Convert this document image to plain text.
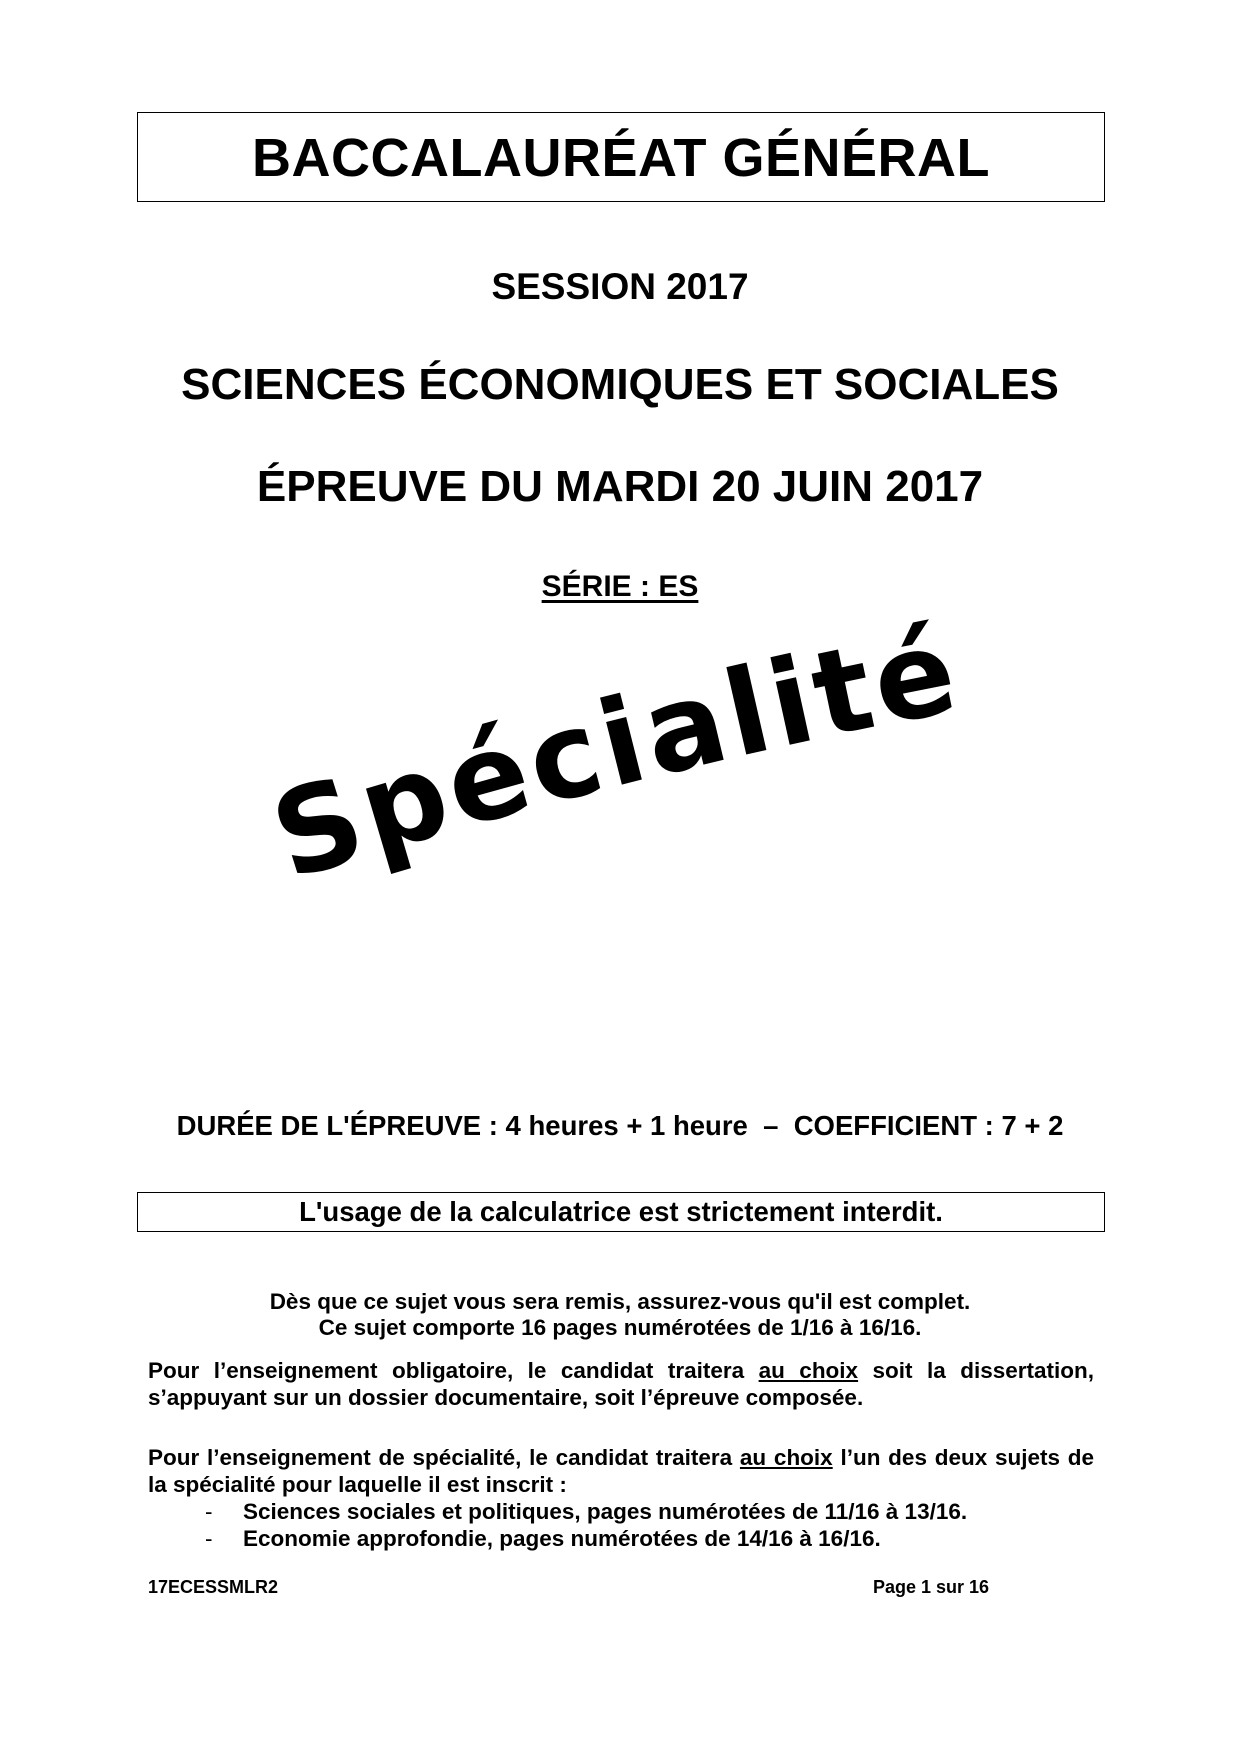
BACCALAURÉAT GÉNÉRAL
SESSION 2017
SCIENCES ÉCONOMIQUES ET SOCIALES
ÉPREUVE DU MARDI 20 JUIN 2017
SÉRIE : ES
Spécialité
DURÉE DE L'ÉPREUVE : 4 heures + 1 heure  –  COEFFICIENT : 7 + 2
L'usage de la calculatrice est strictement interdit.
Dès que ce sujet vous sera remis, assurez-vous qu'il est complet.
Ce sujet comporte 16 pages numérotées de 1/16 à 16/16.
Pour l’enseignement obligatoire, le candidat traitera au choix soit la dissertation, s’appuyant sur un dossier documentaire, soit l’épreuve composée.
Pour l’enseignement de spécialité, le candidat traitera au choix l’un des deux sujets de la spécialité pour laquelle il est inscrit :
- Sciences sociales et politiques, pages numérotées de 11/16 à 13/16.
- Economie approfondie, pages numérotées de 14/16 à 16/16.
17ECESSMLR2	Page 1 sur 16
